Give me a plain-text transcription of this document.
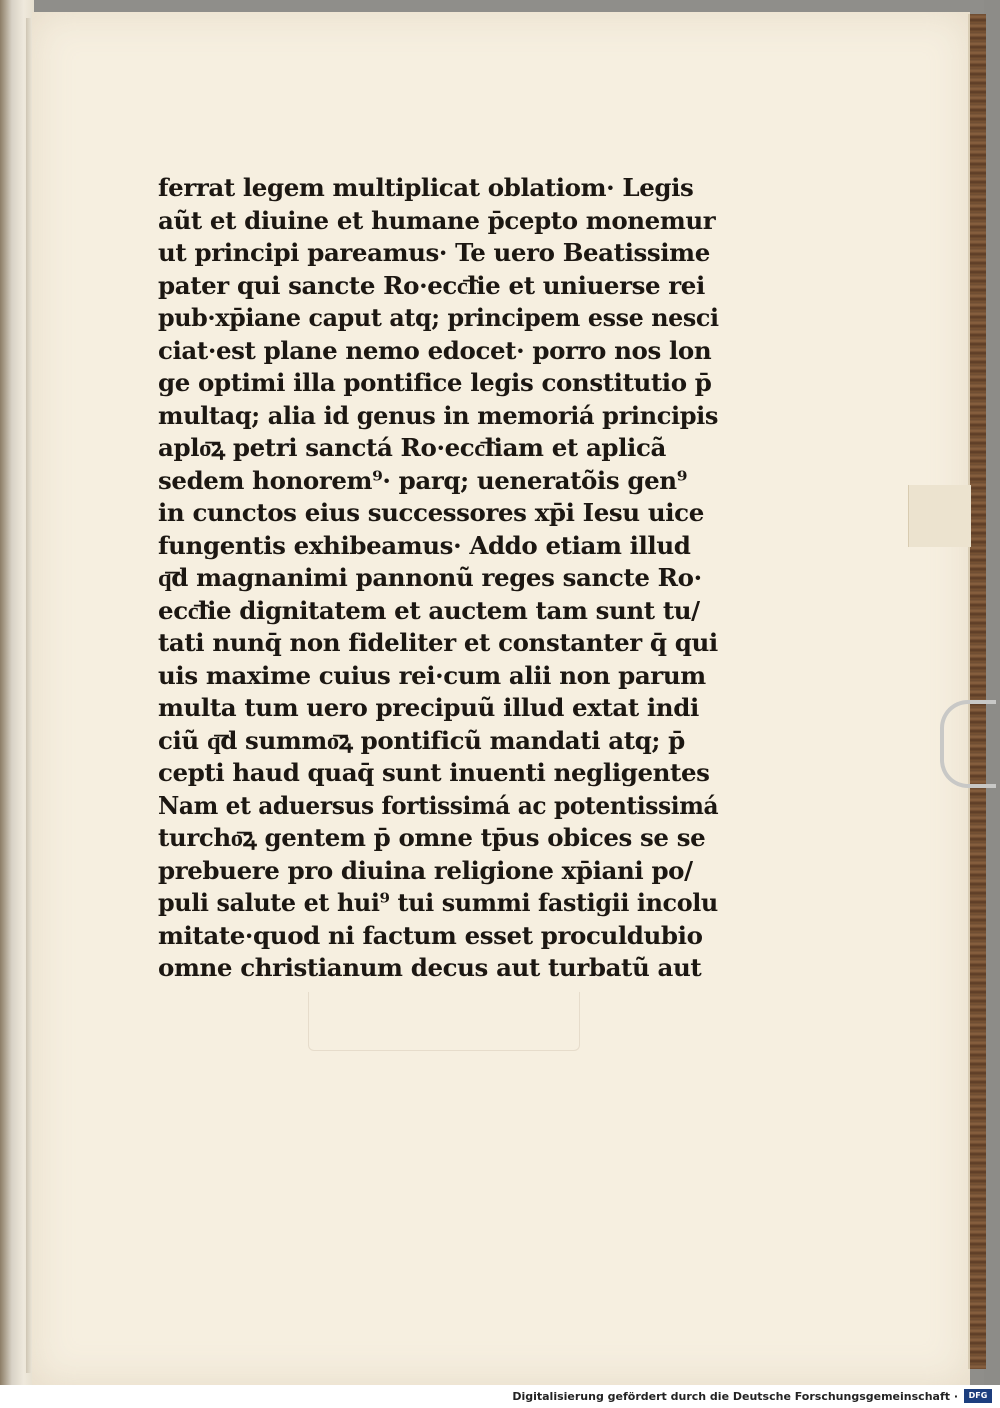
ferrat legem multiplicat oblatiom· Legis
aũt et diuine et humane p̄cepto monemur
ut principi pareamus· Te uero Beatissime
pater qui sancte Ro·ecc͞lie et uniuerse rei
pub·xp̄iane caput atq; principem esse nesci
ciat·est plane nemo edocet· porro nos lon
ge optimi illa pontifice legis constitutio p̄
multaq; alia id genus in memoriá principis
aplo͞ꝝ petri sanctá Ro·ecc͞liam et aplicã
sedem honorem⁹· parq; ueneratõis gen⁹
in cunctos eius successores xp̄i Iesu uice
fungentis exhibeamus· Addo etiam illud
q͞d magnanimi pannonũ reges sancte Ro·
ecc͞lie dignitatem et auctem tam sunt tu/
tati nunq̄ non fideliter et constanter q̄ qui
uis maxime cuius rei·cum alii non parum
multa tum uero precipuũ illud extat indi
ciũ q͞d summo͞ꝝ pontificũ mandati atq; p̄
cepti haud quaq̄ sunt inuenti negligentes
Nam et aduersus fortissimá ac potentissimá
turcho͞ꝝ gentem p̄ omne tp̄us obices se se
prebuere pro diuina religione xp̄iani po/
puli salute et hui⁹ tui summi fastigii incolu
mitate·quod ni factum esset proculdubio
omne christianum decus aut turbatũ aut
Digitalisierung gefördert durch die Deutsche Forschungsgemeinschaft ·	DFG
